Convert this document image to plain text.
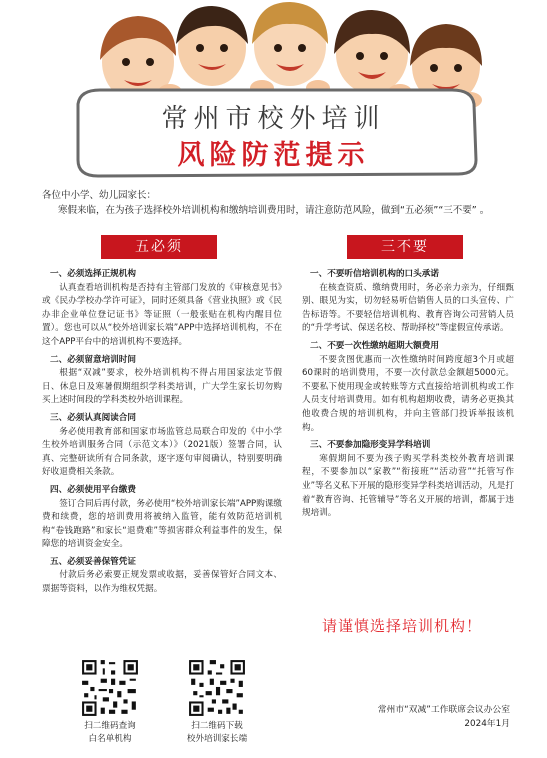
常州市校外培训
风险防范提示
各位中小学、幼儿园家长：
寒假来临，在为孩子选择校外培训机构和缴纳培训费用时，请注意防范风险，做到“五必须”“三不要” 。
五必须	三不要

一、必须选择正规机构

认真查看培训机构是否持有主管部门发放的《审核意见书》或《民办学校办学许可证》，同时还须具备《营业执照》或《民办非企业单位登记证书》等证照（一般张贴在机构内醒目位置）。您也可以从“校外培训家长端”APP中选择培训机构，不在这个APP平台中的培训机构不要选择。

二、必须留意培训时间

根据“双减”要求，校外培训机构不得占用国家法定节假日、休息日及寒暑假期组织学科类培训，广大学生家长切勿购买上述时间段的学科类校外培训课程。

三、必须认真阅读合同

务必使用教育部和国家市场监管总局联合印发的《中小学生校外培训服务合同（示范文本）》（2021版）签署合同，认真、完整研读所有合同条款，逐字逐句审阅确认，特别要明确好收退费相关条款。

四、必须使用平台缴费

签订合同后再付款，务必使用“校外培训家长端”APP购课缴费和续费，您的培训费用将被纳入监管，能有效防范培训机构“卷钱跑路”和家长“退费难”等损害群众利益事件的发生，保障您的培训资金安全。

五、必须妥善保管凭证

付款后务必索要正规发票或收据，妥善保管好合同文本、票据等资料，以作为维权凭据。

一、不要听信培训机构的口头承诺

在核查资质、缴纳费用时，务必亲力亲为，仔细甄别、眼见为实，切勿轻易听信销售人员的口头宣传、广告标语等。不要轻信培训机构、教育咨询公司营销人员的“升学考试、保送名校、帮助择校”等虚假宣传承诺。

二、不要一次性缴纳超期大额费用

不要贪图优惠而一次性缴纳时间跨度超3个月或超60课时的培训费用，不要一次付款总金额超5000元。不要私下使用现金或转账等方式直接给培训机构或工作人员支付培训费用。如有机构超期收费，请务必更换其他收费合规的培训机构，并向主管部门投诉举报该机构。

三、不要参加隐形变异学科培训

寒假期间不要为孩子购买学科类校外教育培训课程，不要参加以“家教”“衔接班”“活动营”“托管写作业”等名义私下开展的隐形变异学科类培训活动，凡是打着“教育咨询、托管辅导”等名义开展的培训，都属于违规培训。

请谨慎选择培训机构！
扫二维码查询
白名单机构
扫二维码下载
校外培训家长端
常州市“双减”工作联席会议办公室
2024年1月
